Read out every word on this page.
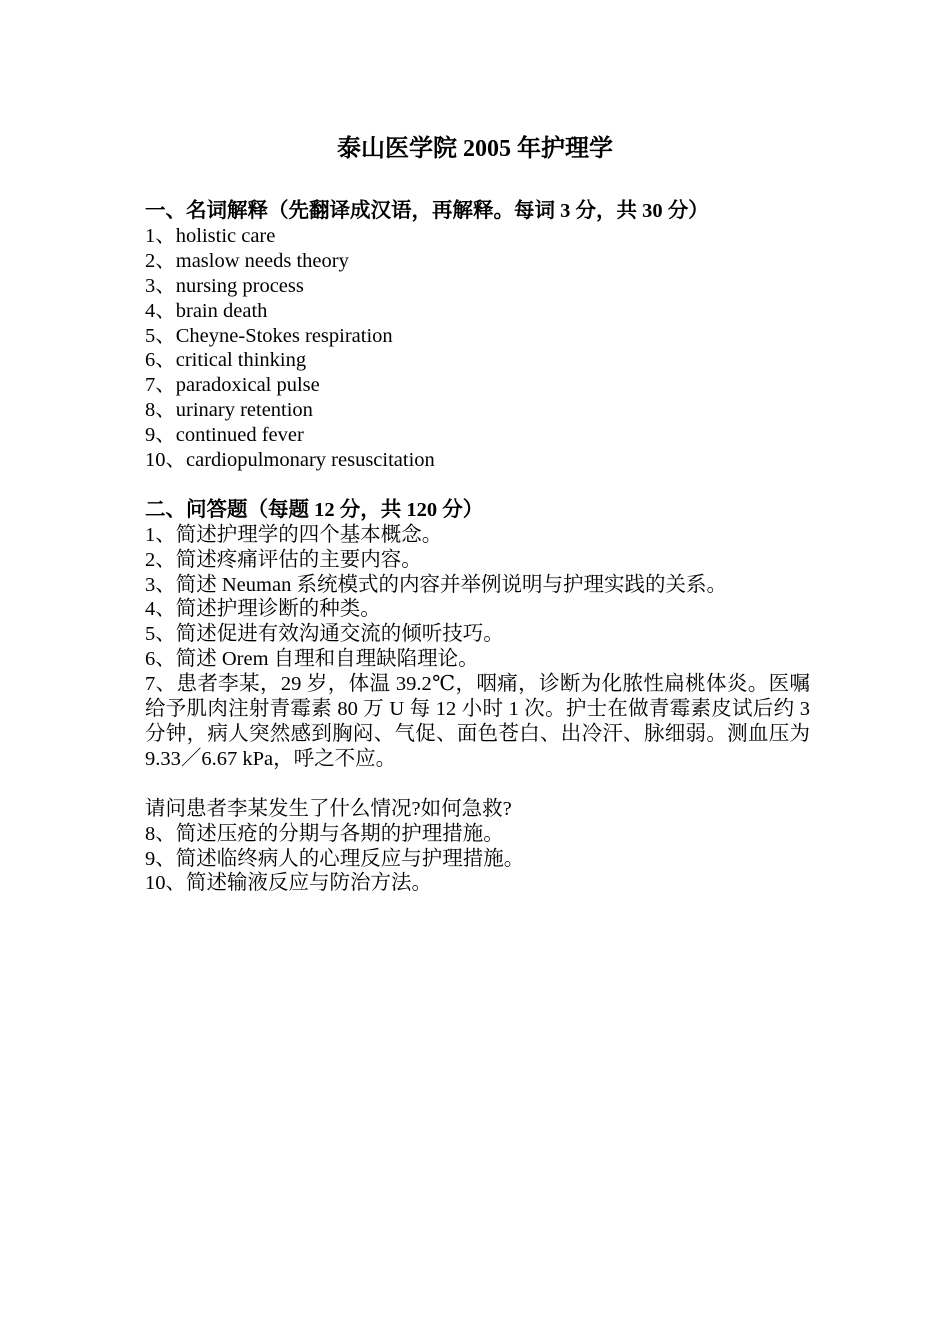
泰山医学院 2005 年护理学

一、名词解释（先翻译成汉语，再解释。每词 3 分，共 30 分）

1、holistic care

2、maslow needs theory

3、nursing process

4、brain death

5、Cheyne-Stokes respiration

6、critical thinking

7、paradoxical pulse

8、urinary retention

9、continued fever

10、cardiopulmonary resuscitation

二、问答题（每题 12 分，共 120 分）

1、简述护理学的四个基本概念。

2、简述疼痛评估的主要内容。

3、简述 Neuman 系统模式的内容并举例说明与护理实践的关系。

4、简述护理诊断的种类。

5、简述促进有效沟通交流的倾听技巧。

6、简述 Orem 自理和自理缺陷理论。

7、患者李某，29 岁，体温 39.2℃，咽痛，诊断为化脓性扁桃体炎。医嘱给予肌肉注射青霉素 80 万 U 每 12 小时 1 次。护士在做青霉素皮试后约 3 分钟，病人突然感到胸闷、气促、面色苍白、出冷汗、脉细弱。测血压为 9.33／6.67 kPa，呼之不应。

请问患者李某发生了什么情况?如何急救?

8、简述压疮的分期与各期的护理措施。

9、简述临终病人的心理反应与护理措施。

10、简述输液反应与防治方法。
